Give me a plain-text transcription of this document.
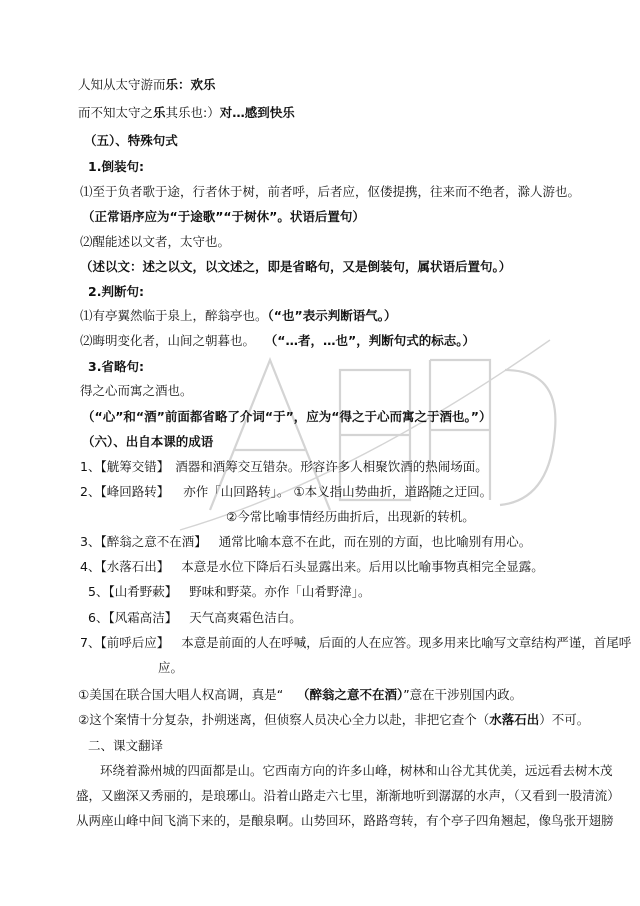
人知从太守游而乐：欢乐
而不知太守之乐其乐也:）对…感到快乐
（五）、特殊句式
1.倒装句:
⑴至于负者歌于途，行者休于树，前者呼，后者应，伛偻提携，往来而不绝者，滁人游也。
（正常语序应为“于途歌”“于树休”。状语后置句）
⑵醒能述以文者，太守也。
（述以文：述之以文，以文述之，即是省略句，又是倒装句，属状语后置句。）
2.判断句:
⑴有亭翼然临于泉上，醉翁亭也。（“也”表示判断语气。）
⑵晦明变化者，山间之朝暮也。 （“…者，…也”，判断句式的标志。）
3.省略句:
得之心而寓之酒也。
（“心”和“酒”前面都省略了介词“于”，应为“得之于心而寓之于酒也。”）
（六）、出自本课的成语
1、【觥筹交错】 酒器和酒筹交互错杂。形容许多人相聚饮酒的热闹场面。
2、【峰回路转】 亦作「山回路转」。 ①本义指山势曲折，道路随之迂回。
②今常比喻事情经历曲折后，出现新的转机。
3、【醉翁之意不在酒】 通常比喻本意不在此，而在别的方面，也比喻别有用心。
4、【水落石出】 本意是水位下降后石头显露出来。后用以比喻事物真相完全显露。
5、【山肴野蔌】 野味和野菜。亦作「山肴野湋」。
6、【风霜高洁】 天气高爽霜色洁白。
7、【前呼后应】 本意是前面的人在呼喊，后面的人在应答。现多用来比喻写文章结构严谨，首尾呼
应。
①美国在联合国大唱人权高调，真是“ （醉翁之意不在酒）”意在干涉别国内政。
②这个案情十分复杂，扑朔迷离，但侦察人员决心全力以赴，非把它查个（水落石出）不可。
二、课文翻译
环绕着滁州城的四面都是山。它西南方向的许多山峰，树林和山谷尤其优美，远远看去树木茂
盛，又幽深又秀丽的，是琅琊山。沿着山路走六七里，渐渐地听到潺潺的水声，（又看到一股清流）
从两座山峰中间飞淌下来的，是酿泉啊。山势回环，路路弯转，有个亭子四角翘起，像鸟张开翅膀
